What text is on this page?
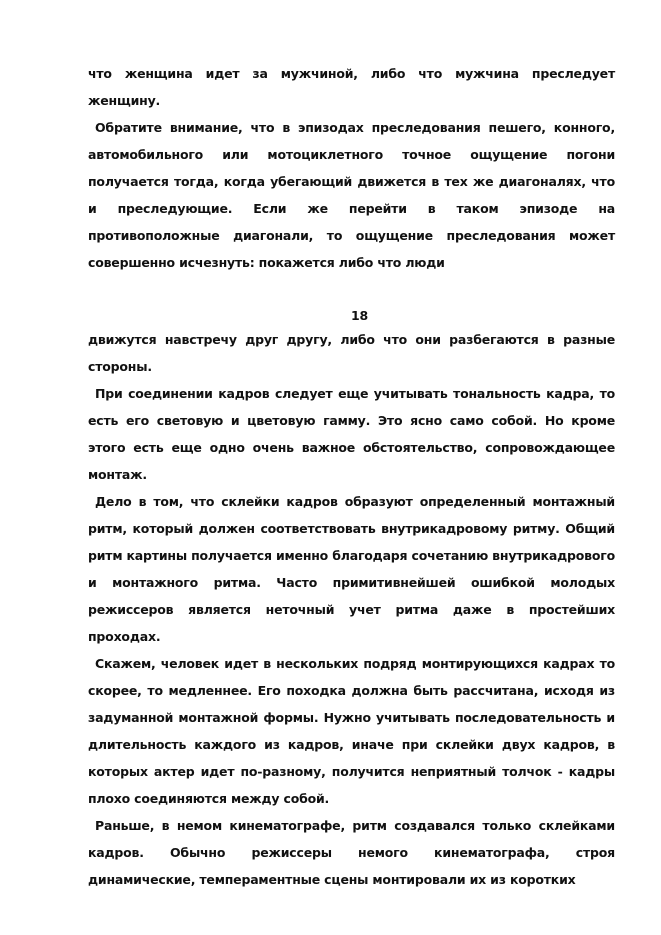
что женщина идет за мужчиной, либо что мужчина преследует женщину.

Обратите внимание, что в эпизодах преследования пешего, конного, автомобильного или мотоциклетного точное ощущение погони получается тогда, когда убегающий движется в тех же диагоналях, что и преследующие. Если же перейти в таком эпизоде на противоположные диагонали, то ощущение преследования может совершенно исчезнуть: покажется либо что люди

18

движутся навстречу друг другу, либо что они разбегаются в разные стороны.

При соединении кадров следует еще учитывать тональность кадра, то есть его световую и цветовую гамму. Это ясно само собой. Но кроме этого есть еще одно очень важное обстоятельство, сопровождающее монтаж.

Дело в том, что склейки кадров образуют определенный монтажный ритм, который должен соответствовать внутрикадровому ритму. Общий ритм картины получается именно благодаря сочетанию внутрикадрового и монтажного ритма. Часто примитивнейшей ошибкой молодых режиссеров является неточный учет ритма даже в простейших проходах.

Скажем, человек идет в нескольких подряд монтирующихся кадрах то скорее, то медленнее. Его походка должна быть рассчитана, исходя из задуманной монтажной формы. Нужно учитывать последовательность и длительность каждого из кадров, иначе при склейки двух кадров, в которых актер идет по-разному, получится неприятный толчок - кадры плохо соединяются между собой.

Раньше, в немом кинематографе, ритм создавался только склейками кадров. Обычно режиссеры немого кинематографа, строя динамические, темпераментные сцены монтировали их из коротких
